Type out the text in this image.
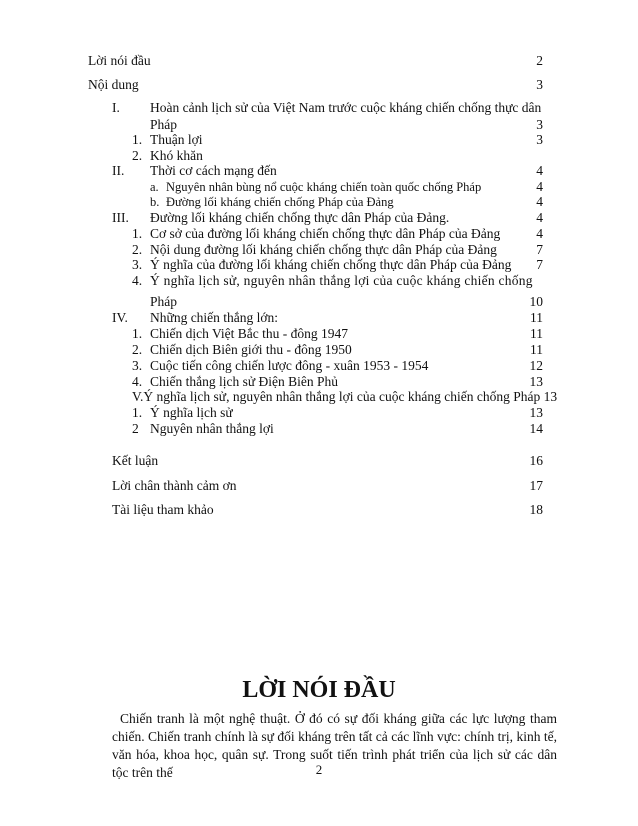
Lời nói đầu	2
Nội dung	3
I. Hoàn cảnh lịch sử của Việt Nam trước cuộc kháng chiến chống thực dân
Pháp	3
1. Thuận lợi	3
2. Khó khăn
II. Thời cơ cách mạng đến	4
a. Nguyên nhân bùng nổ cuộc kháng chiến toàn quốc chống Pháp	4
b. Đường lối kháng chiến chống Pháp của Đảng	4
III. Đường lối kháng chiến chống thực dân Pháp của Đảng.	4
1. Cơ sở của đường lối kháng chiến chống thực dân Pháp của Đảng	4
2. Nội dung đường lối kháng chiến chống thực dân Pháp của Đảng	7
3. Ý nghĩa của đường lối kháng chiến chống thực dân Pháp của Đảng	7
4. Ý nghĩa lịch sử, nguyên nhân thắng lợi của cuộc kháng chiến chống
Pháp	10
IV. Những chiến thắng lớn:	11
1. Chiến dịch Việt Bắc thu - đông 1947	11
2. Chiến dịch Biên giới thu - đông 1950	11
3. Cuộc tiến công chiến lược đông - xuân 1953 - 1954	12
4. Chiến thắng lịch sử Điện Biên Phủ	13
V.Ý nghĩa lịch sử, nguyên nhân thắng lợi của cuộc kháng chiến chống Pháp 13
1. Ý nghĩa lịch sử	13
2 Nguyên nhân thắng lợi	14
Kết luận	16
Lời chân thành cảm ơn	17
Tài liệu tham khảo	18
LỜI NÓI ĐẦU

Chiến tranh là một nghệ thuật. Ở đó có sự đối kháng giữa các lực lượng tham chiến. Chiến tranh chính là sự đối kháng trên tất cả các lĩnh vực: chính trị, kinh tế, văn hóa, khoa học, quân sự. Trong suốt tiến trình phát triển của lịch sử các dân tộc trên thế	2
